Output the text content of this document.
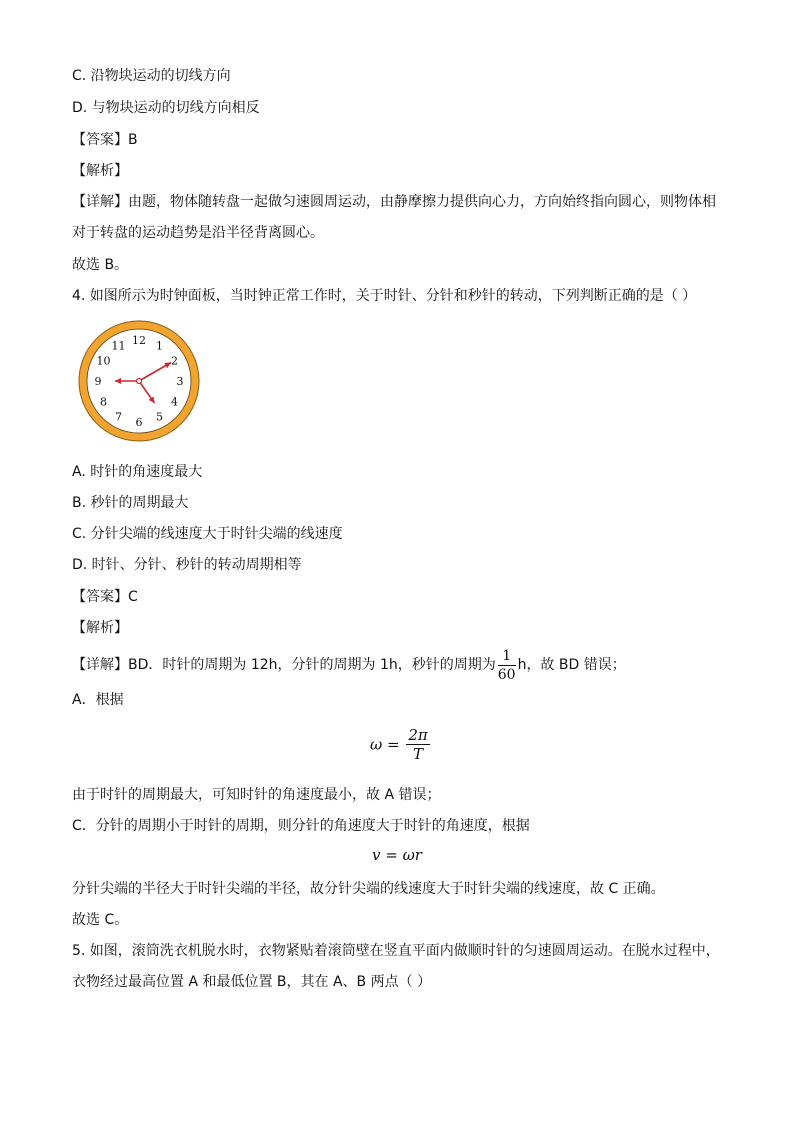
C. 沿物块运动的切线方向
D. 与物块运动的切线方向相反
【答案】B
【解析】
【详解】由题，物体随转盘一起做匀速圆周运动，由静摩擦力提供向心力，方向始终指向圆心，则物体相
对于转盘的运动趋势是沿半径背离圆心。
故选 B。
4. 如图所示为时钟面板，当时钟正常工作时，关于时针、分针和秒针的转动，下列判断正确的是（ ）
12 1
2
3
4
5
6
7
8
9
10
11
A. 时针的角速度最大
B. 秒针的周期最大
C. 分针尖端的线速度大于时针尖端的线速度
D. 时针、分针、秒针的转动周期相等
【答案】C
【解析】
【详解】BD．时针的周期为 12h，分针的周期为 1h，秒针的周期为 $\frac{1}{60}$ h，故 BD 错误；
A．根据
$\omega = \frac{2\pi}{T}$
由于时针的周期最大，可知时针的角速度最小，故 A 错误；
C．分针的周期小于时针的周期，则分针的角速度大于时针的角速度，根据
v = ωr
分针尖端的半径大于时针尖端的半径，故分针尖端的线速度大于时针尖端的线速度，故 C 正确。
故选 C。
5. 如图，滚筒洗衣机脱水时，衣物紧贴着滚筒壁在竖直平面内做顺时针的匀速圆周运动。在脱水过程中，
衣物经过最高位置 A 和最低位置 B，其在 A、B 两点（ ）
